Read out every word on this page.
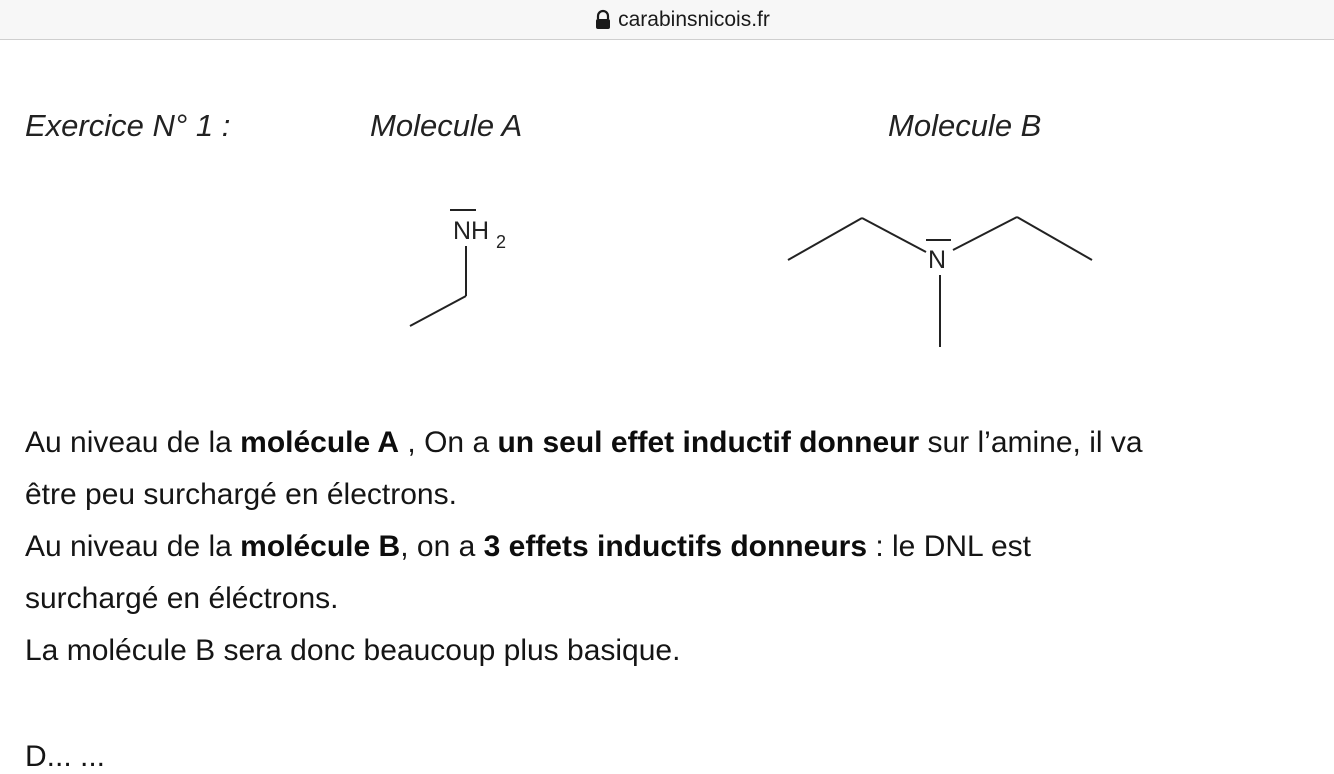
carabinsnicois.fr
Exercice N° 1 :	Molecule A	Molecule B
NH 2
N
Au niveau de la molécule A , On a un seul effet inductif donneur sur l’amine, il va
être peu surchargé en électrons.
Au niveau de la molécule B, on a 3 effets inductifs donneurs : le DNL est
surchargé en éléctrons.
La molécule B sera donc beaucoup plus basique.
D... ...
